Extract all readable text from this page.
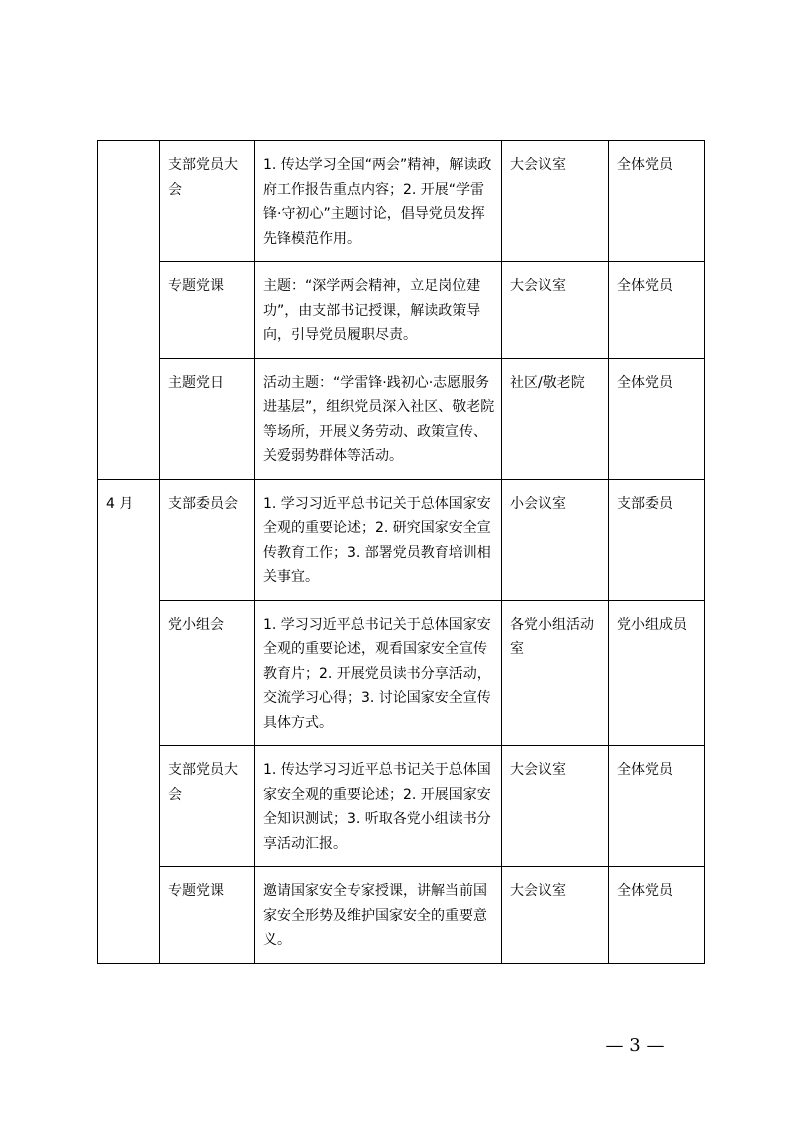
	支部党员大会	1. 传达学习全国“两会”精神，解读政府工作报告重点内容；2. 开展“学雷锋·守初心”主题讨论，倡导党员发挥先锋模范作用。	大会议室	全体党员
	专题党课	主题：“深学两会精神，立足岗位建功”，由支部书记授课，解读政策导向，引导党员履职尽责。	大会议室	全体党员
	主题党日	活动主题：“学雷锋·践初心·志愿服务进基层”，组织党员深入社区、敬老院等场所，开展义务劳动、政策宣传、关爱弱势群体等活动。	社区/敬老院	全体党员
4 月	支部委员会	1. 学习习近平总书记关于总体国家安全观的重要论述；2. 研究国家安全宣传教育工作；3. 部署党员教育培训相关事宜。	小会议室	支部委员
	党小组会	1. 学习习近平总书记关于总体国家安全观的重要论述，观看国家安全宣传教育片；2. 开展党员读书分享活动，交流学习心得；3. 讨论国家安全宣传具体方式。	各党小组活动室	党小组成员
	支部党员大会	1. 传达学习习近平总书记关于总体国家安全观的重要论述；2. 开展国家安全知识测试；3. 听取各党小组读书分享活动汇报。	大会议室	全体党员
	专题党课	邀请国家安全专家授课，讲解当前国家安全形势及维护国家安全的重要意义。	大会议室	全体党员
— 3 —
